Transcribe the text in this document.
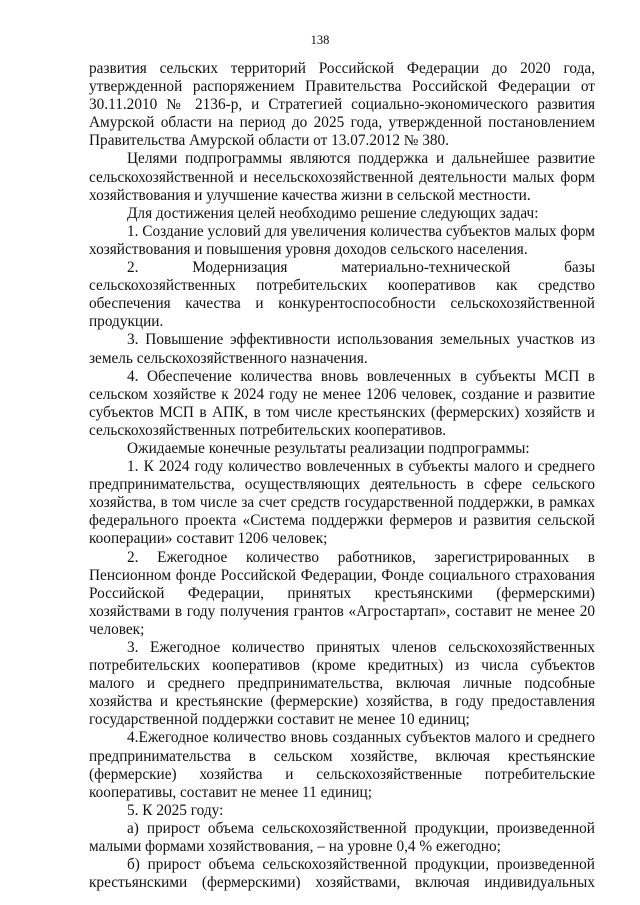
138

развития сельских территорий Российской Федерации до 2020 года, утвержденной распоряжением Правительства Российской Федерации от 30.11.2010 № 2136-р, и Стратегией социально-экономического развития Амурской области на период до 2025 года, утвержденной постановлением Правительства Амурской области от 13.07.2012 № 380.

Целями подпрограммы являются поддержка и дальнейшее развитие сельскохозяйственной и несельскохозяйственной деятельности малых форм хозяйствования и улучшение качества жизни в сельской местности.

Для достижения целей необходимо решение следующих задач:

1. Создание условий для увеличения количества субъектов малых форм хозяйствования и повышения уровня доходов сельского населения.

2. Модернизация материально-технической базы сельскохозяйственных потребительских кооперативов как средство обеспечения качества и конкурентоспособности сельскохозяйственной продукции.

3. Повышение эффективности использования земельных участков из земель сельскохозяйственного назначения.

4. Обеспечение количества вновь вовлеченных в субъекты МСП в сельском хозяйстве к 2024 году не менее 1206 человек, создание и развитие субъектов МСП в АПК, в том числе крестьянских (фермерских) хозяйств и сельскохозяйственных потребительских кооперативов.

Ожидаемые конечные результаты реализации подпрограммы:

1. К 2024 году количество вовлеченных в субъекты малого и среднего предпринимательства, осуществляющих деятельность в сфере сельского хозяйства, в том числе за счет средств государственной поддержки, в рамках федерального проекта «Система поддержки фермеров и развития сельской кооперации» составит 1206 человек;

2. Ежегодное количество работников, зарегистрированных в Пенсионном фонде Российской Федерации, Фонде социального страхования Российской Федерации, принятых крестьянскими (фермерскими) хозяйствами в году получения грантов «Агростартап», составит не менее 20 человек;

3. Ежегодное количество принятых членов сельскохозяйственных потребительских кооперативов (кроме кредитных) из числа субъектов малого и среднего предпринимательства, включая личные подсобные хозяйства и крестьянские (фермерские) хозяйства, в году предоставления государственной поддержки составит не менее 10 единиц;

4.Ежегодное количество вновь созданных субъектов малого и среднего предпринимательства в сельском хозяйстве, включая крестьянские (фермерские) хозяйства и сельскохозяйственные потребительские кооперативы, составит не менее 11 единиц;

5. К 2025 году:

а) прирост объема сельскохозяйственной продукции, произведенной малыми формами хозяйствования, – на уровне 0,4 % ежегодно;

б) прирост объема сельскохозяйственной продукции, произведенной крестьянскими (фермерскими) хозяйствами, включая индивидуальных
